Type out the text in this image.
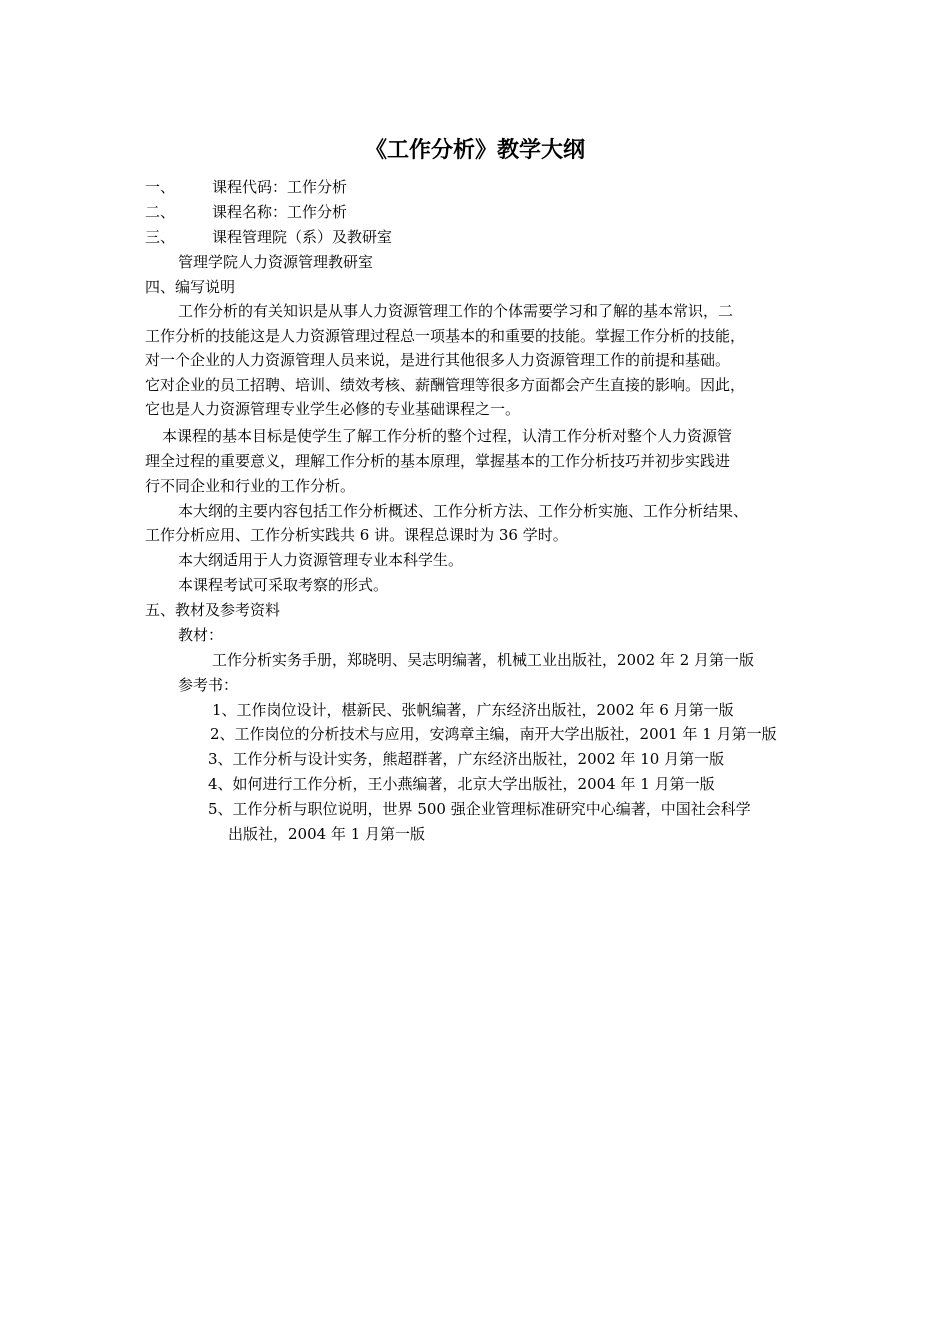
《工作分析》教学大纲
一、 课程代码：工作分析
二、 课程名称：工作分析
三、 课程管理院（系）及教研室
管理学院人力资源管理教研室
四、编写说明
工作分析的有关知识是从事人力资源管理工作的个体需要学习和了解的基本常识，二
工作分析的技能这是人力资源管理过程总一项基本的和重要的技能。掌握工作分析的技能，
对一个企业的人力资源管理人员来说，是进行其他很多人力资源管理工作的前提和基础。
它对企业的员工招聘、培训、绩效考核、薪酬管理等很多方面都会产生直接的影响。因此，
它也是人力资源管理专业学生必修的专业基础课程之一。
本课程的基本目标是使学生了解工作分析的整个过程，认清工作分析对整个人力资源管
理全过程的重要意义，理解工作分析的基本原理，掌握基本的工作分析技巧并初步实践进
行不同企业和行业的工作分析。
本大纲的主要内容包括工作分析概述、工作分析方法、工作分析实施、工作分析结果、
工作分析应用、工作分析实践共 6 讲。课程总课时为 36 学时。
本大纲适用于人力资源管理专业本科学生。
本课程考试可采取考察的形式。
五、教材及参考资料
教材：
工作分析实务手册，郑晓明、吴志明编著，机械工业出版社，2002 年 2 月第一版
参考书：
1、工作岗位设计，椹新民、张帆编著，广东经济出版社，2002 年 6 月第一版
2、工作岗位的分析技术与应用，安鸿章主编，南开大学出版社，2001 年 1 月第一版
3、工作分析与设计实务，熊超群著，广东经济出版社，2002 年 10 月第一版
4、如何进行工作分析，王小燕编著，北京大学出版社，2004 年 1 月第一版
5、工作分析与职位说明，世界 500 强企业管理标准研究中心编著，中国社会科学
出版社，2004 年 1 月第一版
